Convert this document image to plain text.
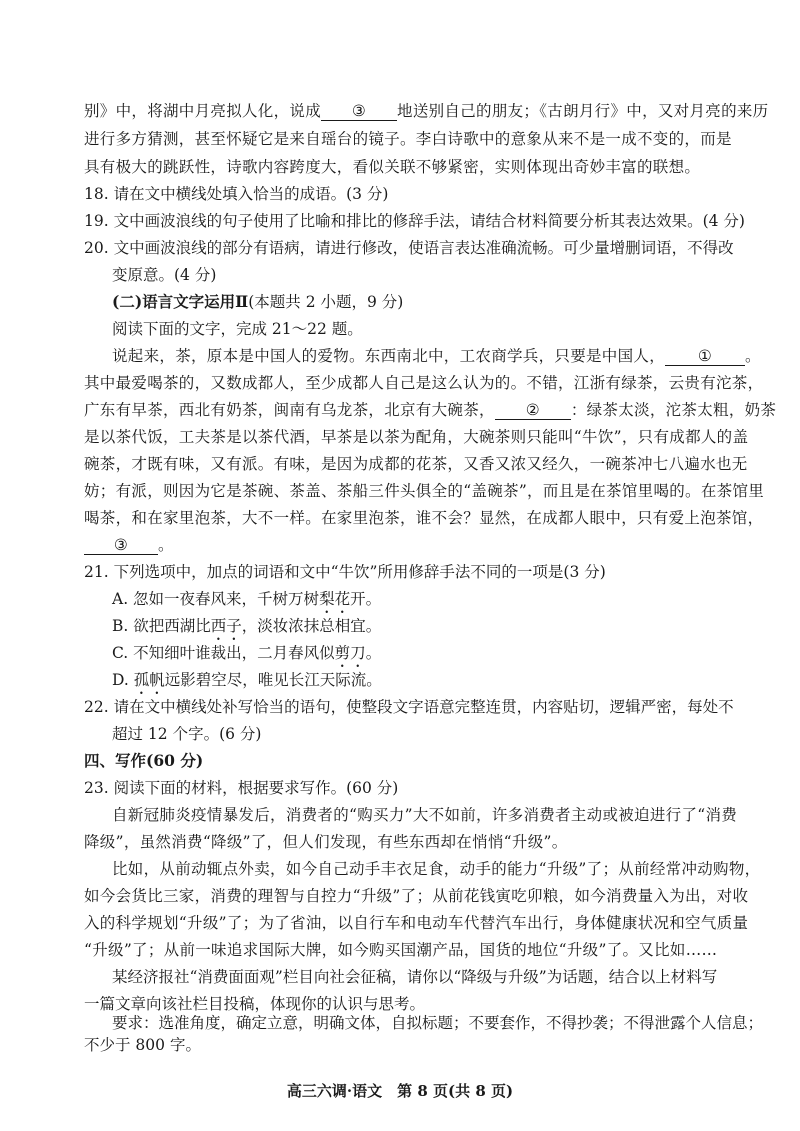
别》中，将湖中月亮拟人化，说成 ③ 地送别自己的朋友；《古朗月行》中，又对月亮的来历
进行多方猜测，甚至怀疑它是来自瑶台的镜子。李白诗歌中的意象从来不是一成不变的，而是
具有极大的跳跃性，诗歌内容跨度大，看似关联不够紧密，实则体现出奇妙丰富的联想。
18. 请在文中横线处填入恰当的成语。(3 分)
19. 文中画波浪线的句子使用了比喻和排比的修辞手法，请结合材料简要分析其表达效果。(4 分)
20. 文中画波浪线的部分有语病，请进行修改，使语言表达准确流畅。可少量增删词语，不得改
变原意。(4 分)
(二)语言文字运用Ⅱ(本题共 2 小题，9 分)
阅读下面的文字，完成 21～22 题。
说起来，茶，原本是中国人的爱物。东西南北中，工农商学兵，只要是中国人， ① 。
其中最爱喝茶的，又数成都人，至少成都人自己是这么认为的。不错，江浙有绿茶，云贵有沱茶，
广东有早茶，西北有奶茶，闽南有乌龙茶，北京有大碗茶， ② ：绿茶太淡，沱茶太粗，奶茶
是以茶代饭，工夫茶是以茶代酒，早茶是以茶为配角，大碗茶则只能叫“牛饮”，只有成都人的盖
碗茶，才既有味，又有派。有味，是因为成都的花茶，又香又浓又经久，一碗茶冲七八遍水也无
妨；有派，则因为它是茶碗、茶盖、茶船三件头俱全的“盖碗茶”，而且是在茶馆里喝的。在茶馆里
喝茶，和在家里泡茶，大不一样。在家里泡茶，谁不会？显然，在成都人眼中，只有爱上泡茶馆，
③ 。
21. 下列选项中，加点的词语和文中“牛饮”所用修辞手法不同的一项是(3 分)
A. 忽如一夜春风来，千树万树梨花开。
B. 欲把西湖比西子，淡妆浓抹总相宜。
C. 不知细叶谁裁出，二月春风似剪刀。
D. 孤帆远影碧空尽，唯见长江天际流。
22. 请在文中横线处补写恰当的语句，使整段文字语意完整连贯，内容贴切，逻辑严密，每处不
超过 12 个字。(6 分)
四、写作(60 分)
23. 阅读下面的材料，根据要求写作。(60 分)
自新冠肺炎疫情暴发后，消费者的“购买力”大不如前，许多消费者主动或被迫进行了“消费
降级”，虽然消费“降级”了，但人们发现，有些东西却在悄悄“升级”。
比如，从前动辄点外卖，如今自己动手丰衣足食，动手的能力“升级”了；从前经常冲动购物，
如今会货比三家，消费的理智与自控力“升级”了；从前花钱寅吃卯粮，如今消费量入为出，对收
入的科学规划“升级”了；为了省油，以自行车和电动车代替汽车出行，身体健康状况和空气质量
“升级”了；从前一味追求国际大牌，如今购买国潮产品，国货的地位“升级”了。又比如……
某经济报社“消费面面观”栏目向社会征稿，请你以“降级与升级”为话题，结合以上材料写
一篇文章向该社栏目投稿，体现你的认识与思考。
要求：选准角度，确定立意，明确文体，自拟标题；不要套作，不得抄袭；不得泄露个人信息；
不少于 800 字。
高三六调·语文　第 8 页(共 8 页)
